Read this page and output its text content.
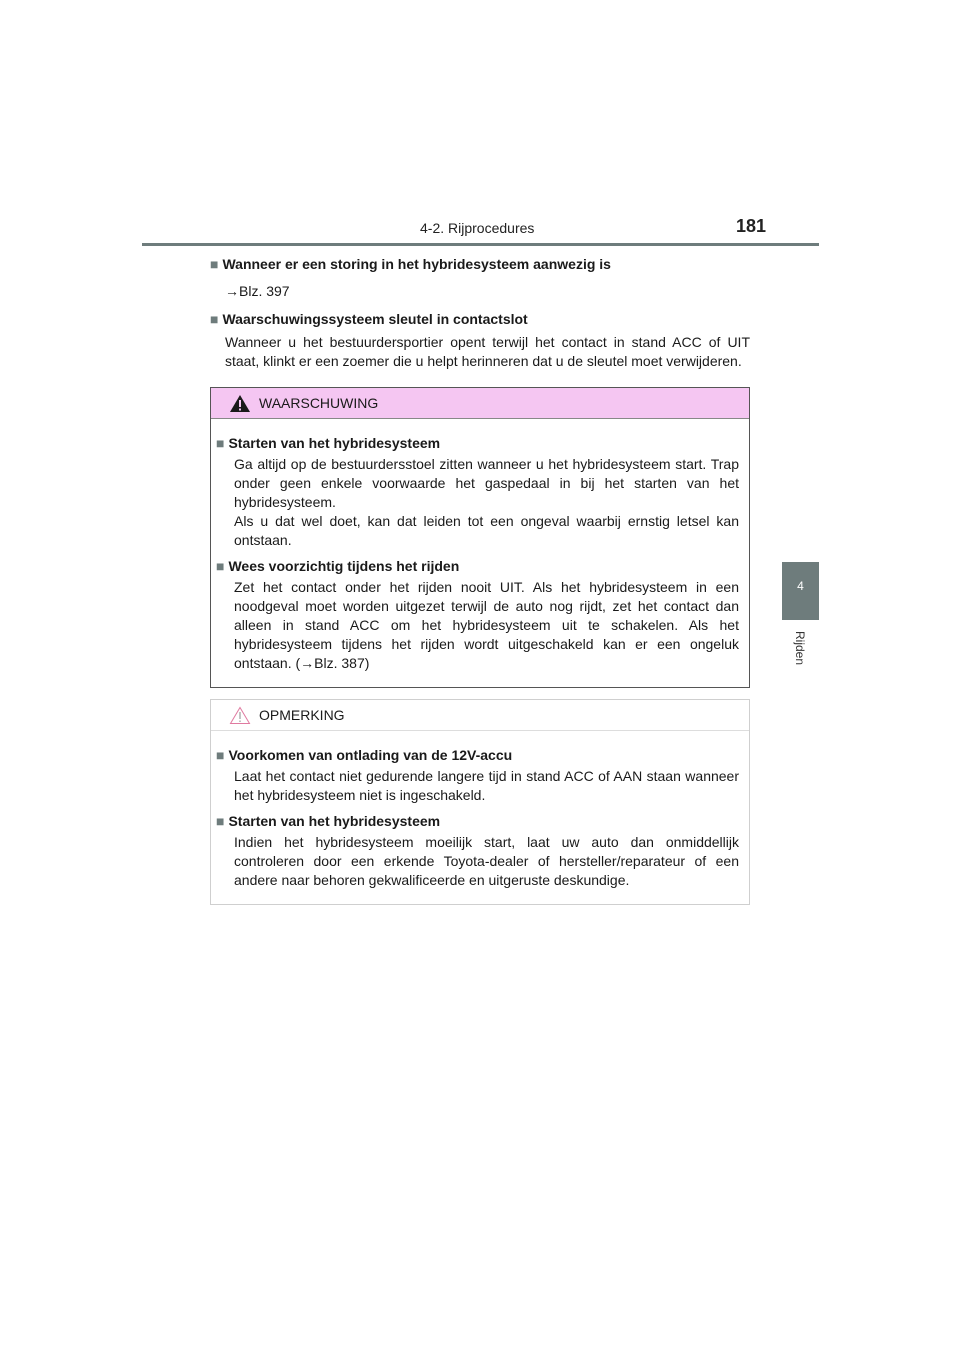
4-2. Rijprocedures	181
4
Rijden

■ Wanneer er een storing in het hybridesysteem aanwezig is

→Blz. 397

■ Waarschuwingssysteem sleutel in contactslot

Wanneer u het bestuurdersportier opent terwijl het contact in stand ACC of UIT staat, klinkt er een zoemer die u helpt herinneren dat u de sleutel moet verwijderen.

WAARSCHUWING

■ Starten van het hybridesysteem

Ga altijd op de bestuurdersstoel zitten wanneer u het hybridesysteem start. Trap onder geen enkele voorwaarde het gaspedaal in bij het starten van het hybridesysteem.

Als u dat wel doet, kan dat leiden tot een ongeval waarbij ernstig letsel kan ontstaan.

■ Wees voorzichtig tijdens het rijden

Zet het contact onder het rijden nooit UIT. Als het hybridesysteem in een noodgeval moet worden uitgezet terwijl de auto nog rijdt, zet het contact dan alleen in stand ACC om het hybridesysteem uit te schakelen. Als het hybridesysteem tijdens het rijden wordt uitgeschakeld kan er een ongeluk ontstaan. (→Blz. 387)

OPMERKING

■ Voorkomen van ontlading van de 12V-accu

Laat het contact niet gedurende langere tijd in stand ACC of AAN staan wanneer het hybridesysteem niet is ingeschakeld.

■ Starten van het hybridesysteem

Indien het hybridesysteem moeilijk start, laat uw auto dan onmiddellijk controleren door een erkende Toyota-dealer of hersteller/reparateur of een andere naar behoren gekwalificeerde en uitgeruste deskundige.
